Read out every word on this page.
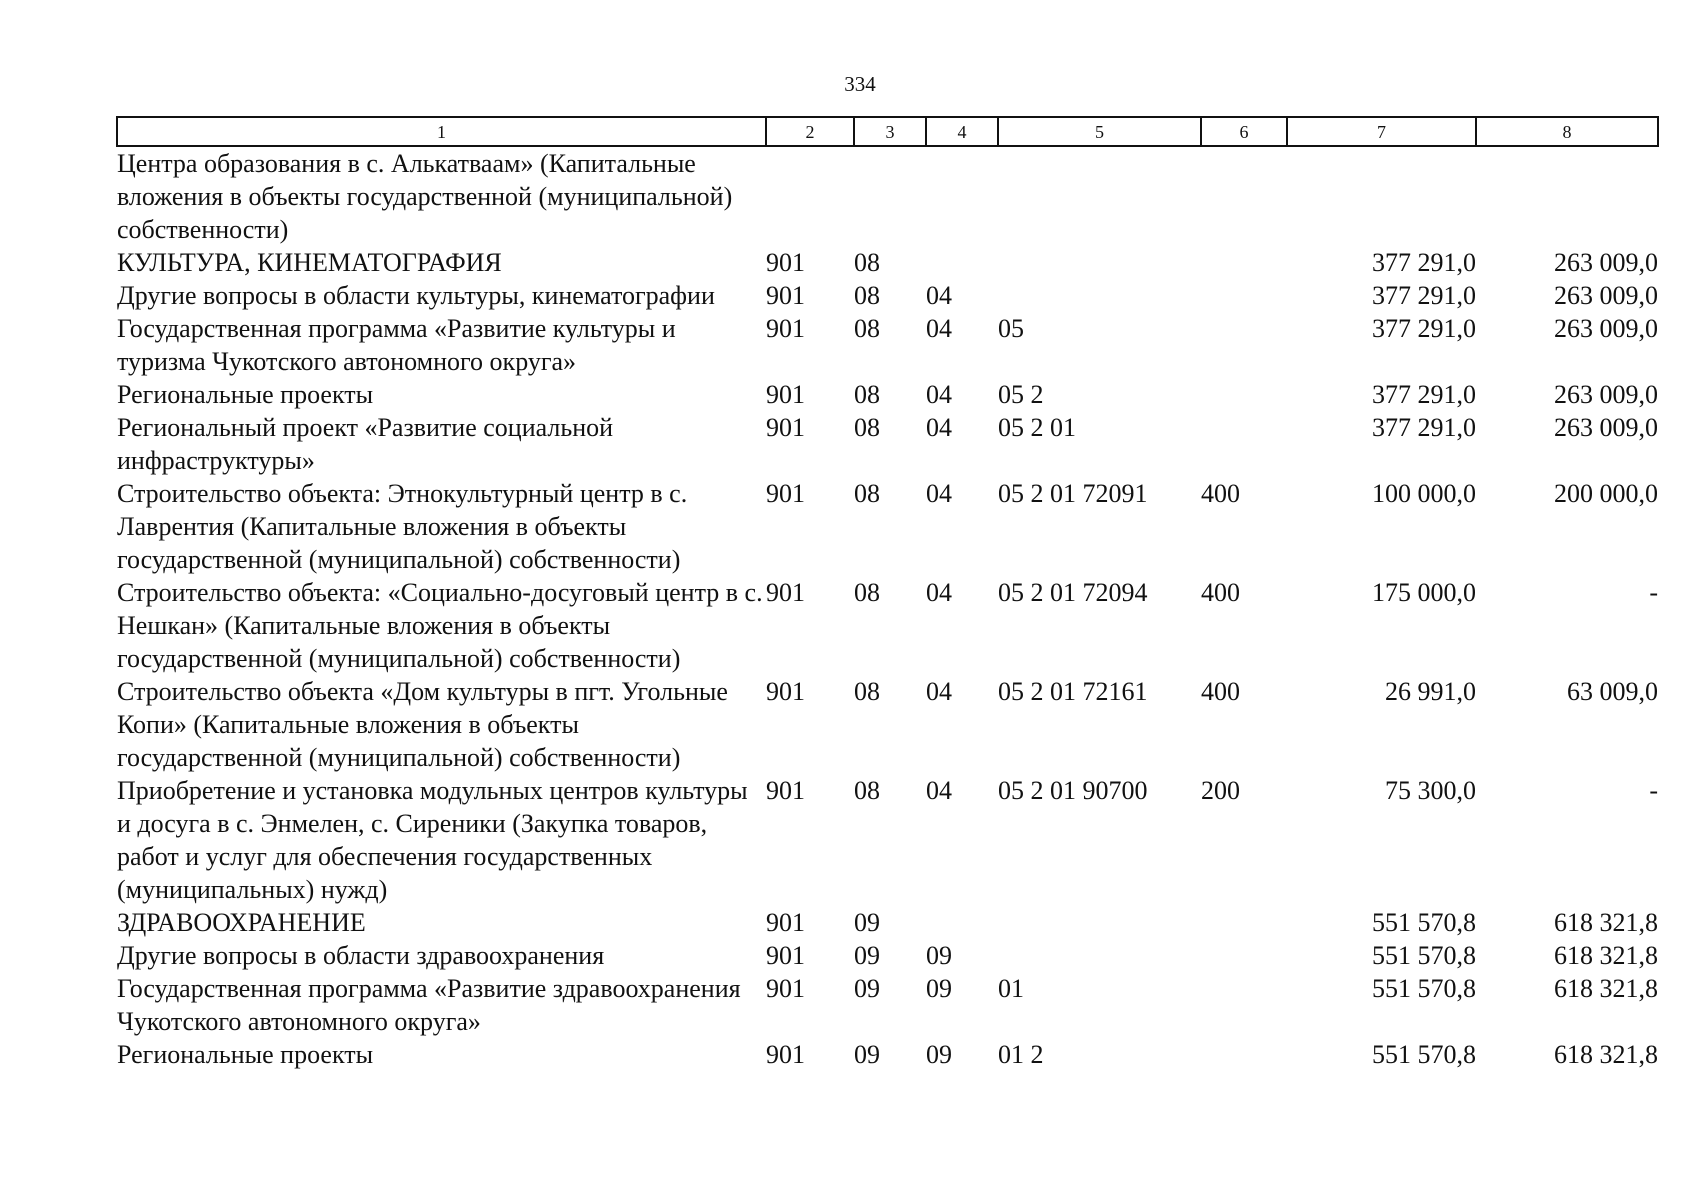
334
1	2	3	4	5	6	7	8
Центра образования в с. Алькатваам» (Капитальные вложения в объекты государственной (муниципальной) собственности)							
КУЛЬТУРА, КИНЕМАТОГРАФИЯ	901	08				377 291,0	263 009,0
Другие вопросы в области культуры, кинематографии	901	08	04			377 291,0	263 009,0
Государственная программа «Развитие культуры и туризма Чукотского автономного округа»	901	08	04	05		377 291,0	263 009,0
Региональные проекты	901	08	04	05 2		377 291,0	263 009,0
Региональный проект «Развитие социальной инфраструктуры»	901	08	04	05 2 01		377 291,0	263 009,0
Строительство объекта: Этнокультурный центр в с. Лаврентия (Капитальные вложения в объекты государственной (муниципальной) собственности)	901	08	04	05 2 01 72091	400	100 000,0	200 000,0
Строительство объекта: «Социально-досуговый центр в с. Нешкан» (Капитальные вложения в объекты государственной (муниципальной) собственности)	901	08	04	05 2 01 72094	400	175 000,0	-
Строительство объекта «Дом культуры в пгт. Угольные Копи» (Капитальные вложения в объекты государственной (муниципальной) собственности)	901	08	04	05 2 01 72161	400	26 991,0	63 009,0
Приобретение и установка модульных центров культуры и досуга в с. Энмелен, с. Сиреники (Закупка товаров, работ и услуг для обеспечения государственных (муниципальных) нужд)	901	08	04	05 2 01 90700	200	75 300,0	-
ЗДРАВООХРАНЕНИЕ	901	09				551 570,8	618 321,8
Другие вопросы в области здравоохранения	901	09	09			551 570,8	618 321,8
Государственная программа «Развитие здравоохранения Чукотского автономного округа»	901	09	09	01		551 570,8	618 321,8
Региональные проекты	901	09	09	01 2		551 570,8	618 321,8
